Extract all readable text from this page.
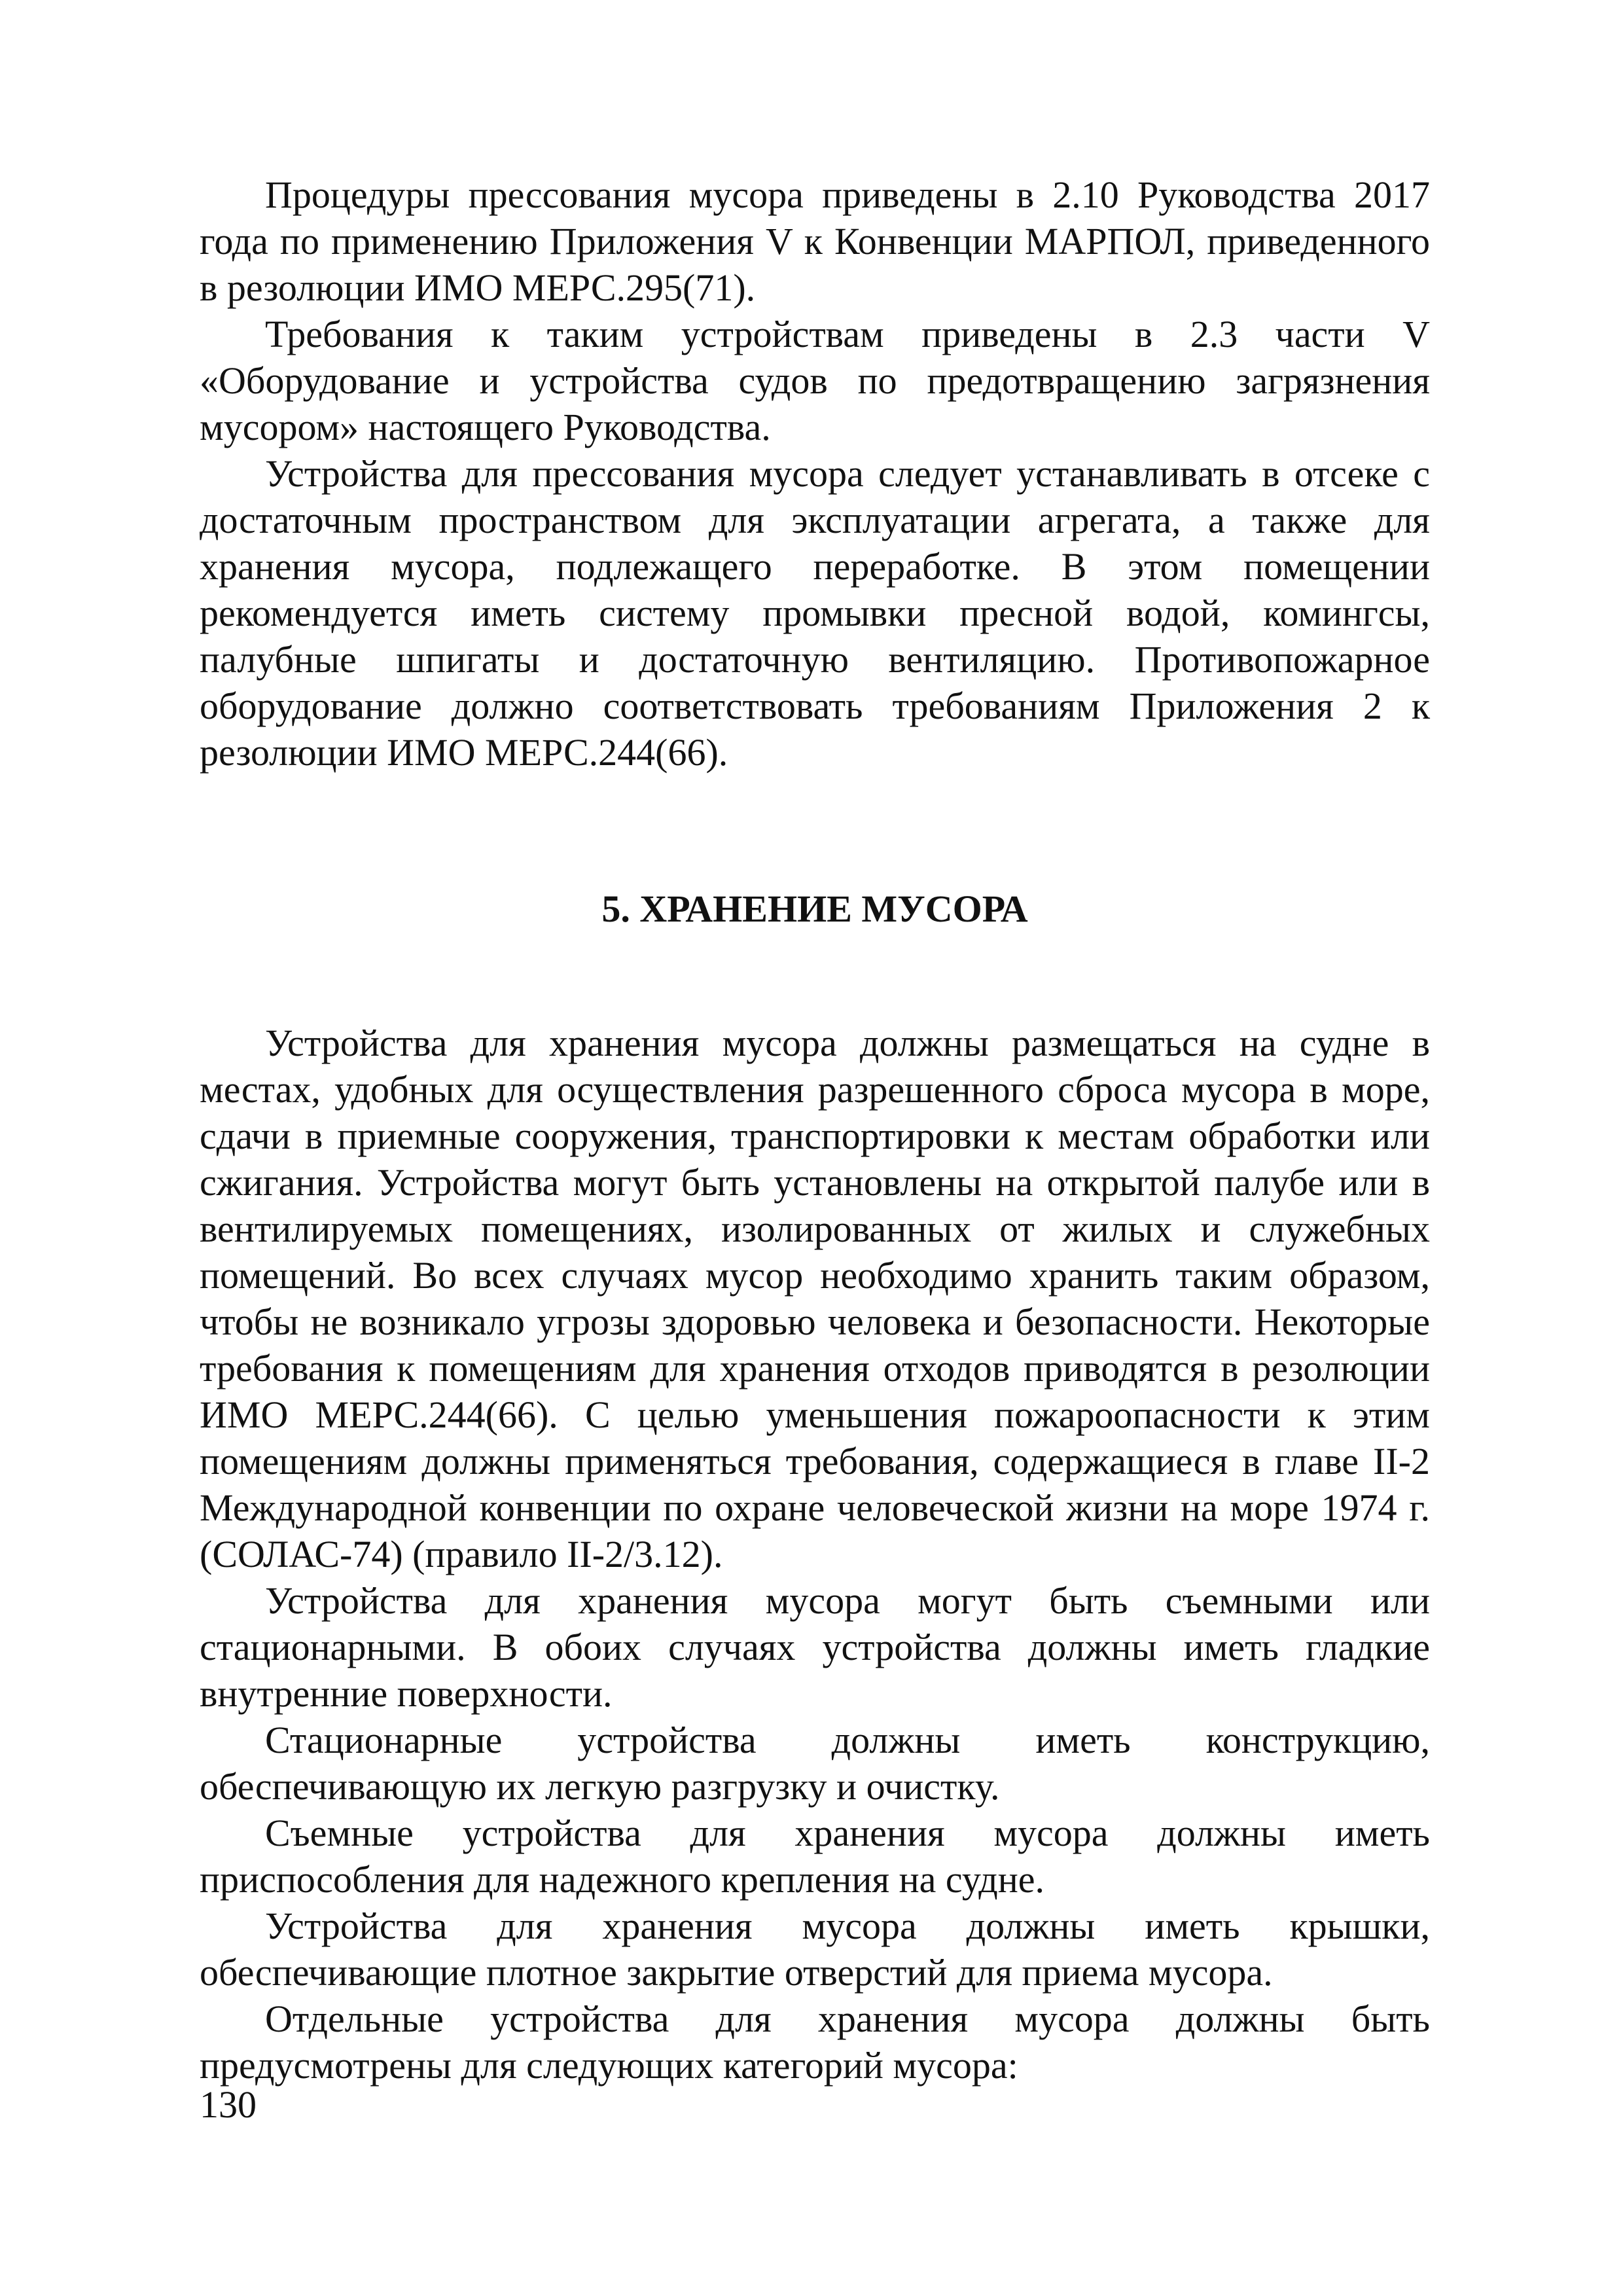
Процедуры прессования мусора приведены в 2.10 Руководства 2017 года по применению Приложения V к Конвенции МАРПОЛ, приведенного в резолюции ИМО МЕРС.295(71).

Требования к таким устройствам приведены в 2.3 части V «Оборудование и устройства судов по предотвращению загрязнения мусором» настоящего Руководства.

Устройства для прессования мусора следует устанавливать в отсеке с достаточным пространством для эксплуатации агрегата, а также для хранения мусора, подлежащего переработке. В этом помещении рекомендуется иметь систему промывки пресной водой, комингсы, палубные шпигаты и достаточную вентиляцию. Противопожарное оборудование должно соответствовать требованиям Приложения 2 к резолюции ИМО МЕРС.244(66).

5. ХРАНЕНИЕ МУСОРА

Устройства для хранения мусора должны размещаться на судне в местах, удобных для осуществления разрешенного сброса мусора в море, сдачи в приемные сооружения, транспортировки к местам обработки или сжигания. Устройства могут быть установлены на открытой палубе или в вентилируемых помещениях, изолированных от жилых и служебных помещений. Во всех случаях мусор необходимо хранить таким образом, чтобы не возникало угрозы здоровью человека и безопасности. Некоторые требования к помещениям для хранения отходов приводятся в резолюции ИМО МЕРС.244(66). С целью уменьшения пожароопасности к этим помещениям должны применяться требования, содержащиеся в главе II-2 Международной конвенции по охране человеческой жизни на море 1974 г. (СОЛАС-74) (правило II-2/3.12).

Устройства для хранения мусора могут быть съемными или стационарными. В обоих случаях устройства должны иметь гладкие внутренние поверхности.

Стационарные устройства должны иметь конструкцию, обеспечивающую их легкую разгрузку и очистку.

Съемные устройства для хранения мусора должны иметь приспособления для надежного крепления на судне.

Устройства для хранения мусора должны иметь крышки, обеспечивающие плотное закрытие отверстий для приема мусора.

Отдельные устройства для хранения мусора должны быть предусмотрены для следующих категорий мусора:

130
